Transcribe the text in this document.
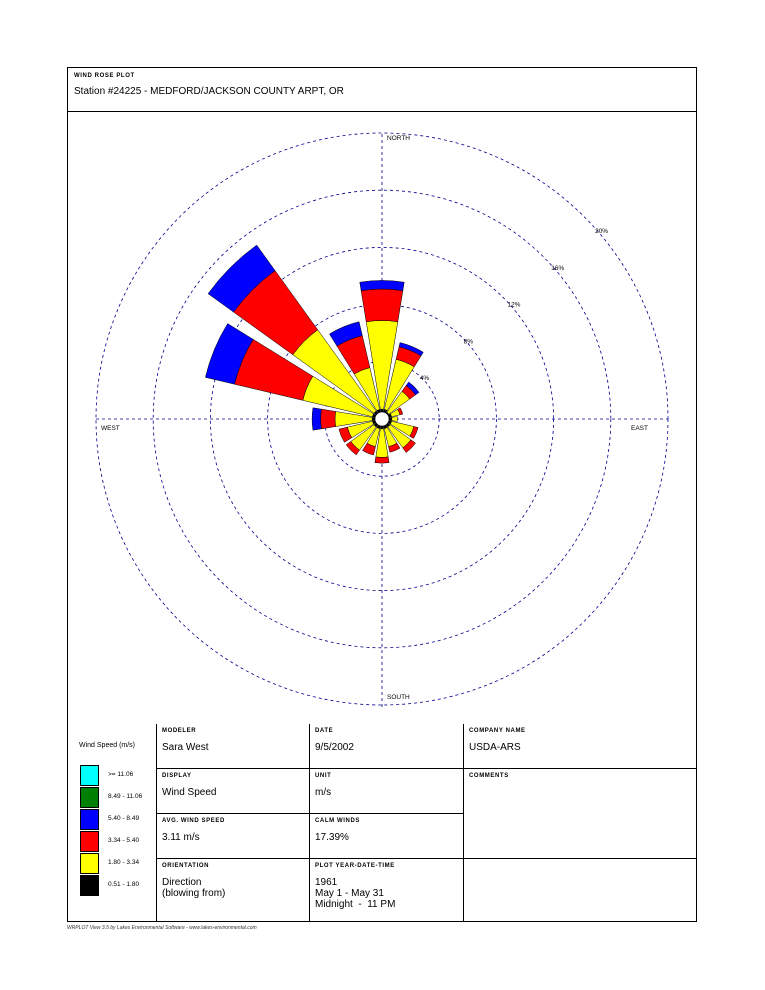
WIND ROSE PLOT
Station #24225 - MEDFORD/JACKSON COUNTY ARPT, OR
NORTH
SOUTH
EAST
WEST
4%
8%
12%
16%
20%
Wind Speed (m/s)
>= 11.06
8.49 - 11.06
5.40 - 8.49
3.34 - 5.40
1.80 - 3.34
0.51 - 1.80
MODELER
Sara West
DATE
9/5/2002
COMPANY NAME
USDA-ARS
DISPLAY
Wind Speed
UNIT
m/s
COMMENTS
AVG. WIND SPEED
3.11 m/s
CALM WINDS
17.39%
ORIENTATION
Direction
(blowing from)
PLOT YEAR-DATE-TIME
1961
May 1 - May 31
Midnight  -  11 PM
WRPLOT View 3.5 by Lakes Environmental Software - www.lakes-environmental.com
